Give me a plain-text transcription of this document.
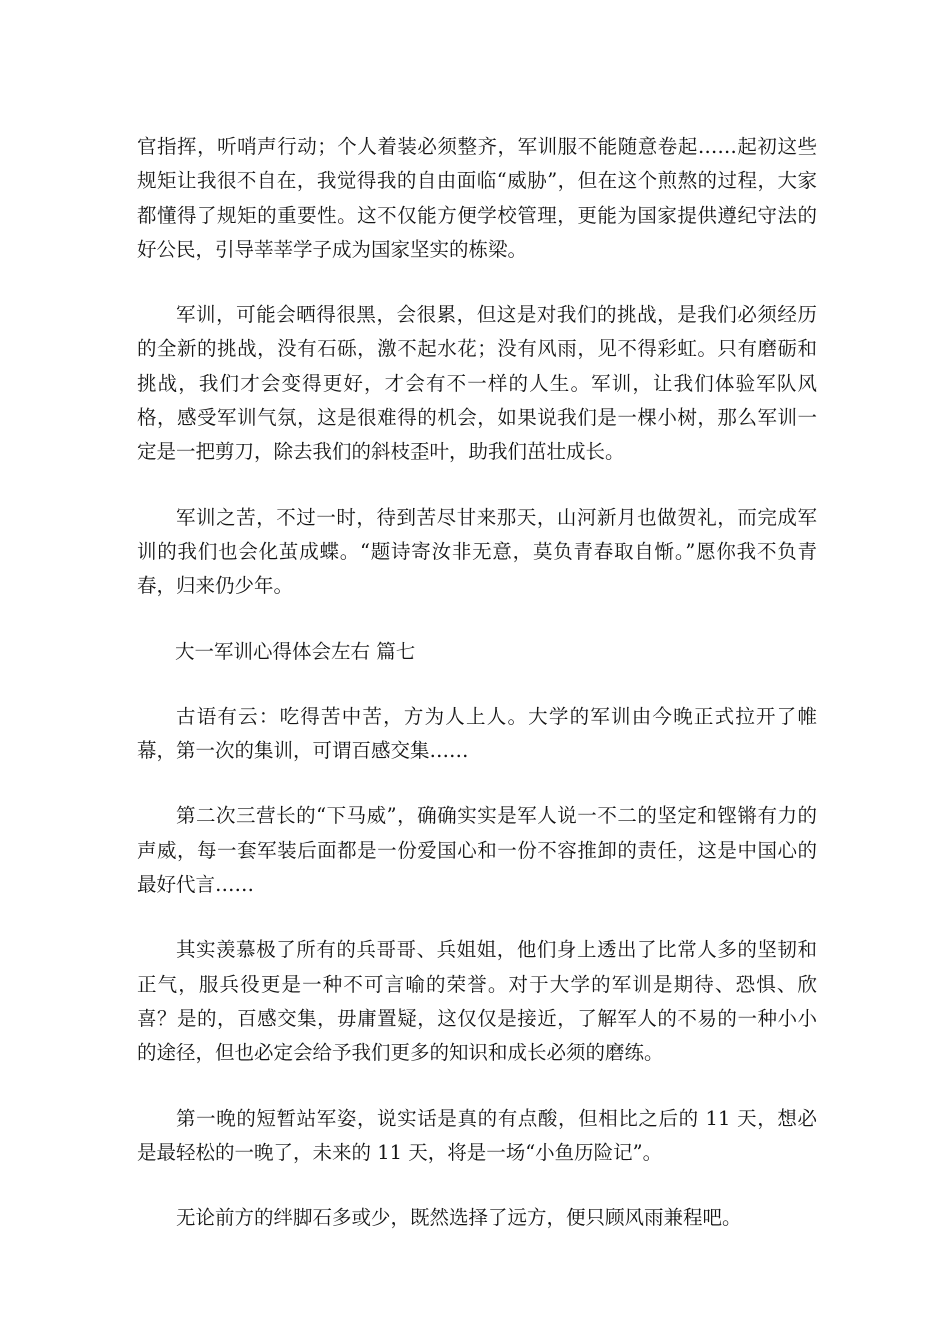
官指挥，听哨声行动；个人着装必须整齐，军训服不能随意卷起……起初这些规矩让我很不自在，我觉得我的自由面临“威胁”，但在这个煎熬的过程，大家都懂得了规矩的重要性。这不仅能方便学校管理，更能为国家提供遵纪守法的好公民，引导莘莘学子成为国家坚实的栋梁。

军训，可能会晒得很黑，会很累，但这是对我们的挑战，是我们必须经历的全新的挑战，没有石砾，激不起水花；没有风雨，见不得彩虹。只有磨砺和挑战，我们才会变得更好，才会有不一样的人生。军训，让我们体验军队风格，感受军训气氛，这是很难得的机会，如果说我们是一棵小树，那么军训一定是一把剪刀，除去我们的斜枝歪叶，助我们茁壮成长。

军训之苦，不过一时，待到苦尽甘来那天，山河新月也做贺礼，而完成军训的我们也会化茧成蝶。“题诗寄汝非无意，莫负青春取自惭。”愿你我不负青春，归来仍少年。

大一军训心得体会左右 篇七

古语有云：吃得苦中苦，方为人上人。大学的军训由今晚正式拉开了帷幕，第一次的集训，可谓百感交集……

第二次三营长的“下马威”，确确实实是军人说一不二的坚定和铿锵有力的声威，每一套军装后面都是一份爱国心和一份不容推卸的责任，这是中国心的最好代言……

其实羡慕极了所有的兵哥哥、兵姐姐，他们身上透出了比常人多的坚韧和正气，服兵役更是一种不可言喻的荣誉。对于大学的军训是期待、恐惧、欣喜？是的，百感交集，毋庸置疑，这仅仅是接近，了解军人的不易的一种小小的途径，但也必定会给予我们更多的知识和成长必须的磨练。

第一晚的短暂站军姿，说实话是真的有点酸，但相比之后的 11 天，想必是最轻松的一晚了，未来的 11 天，将是一场“小鱼历险记”。

无论前方的绊脚石多或少，既然选择了远方，便只顾风雨兼程吧。
